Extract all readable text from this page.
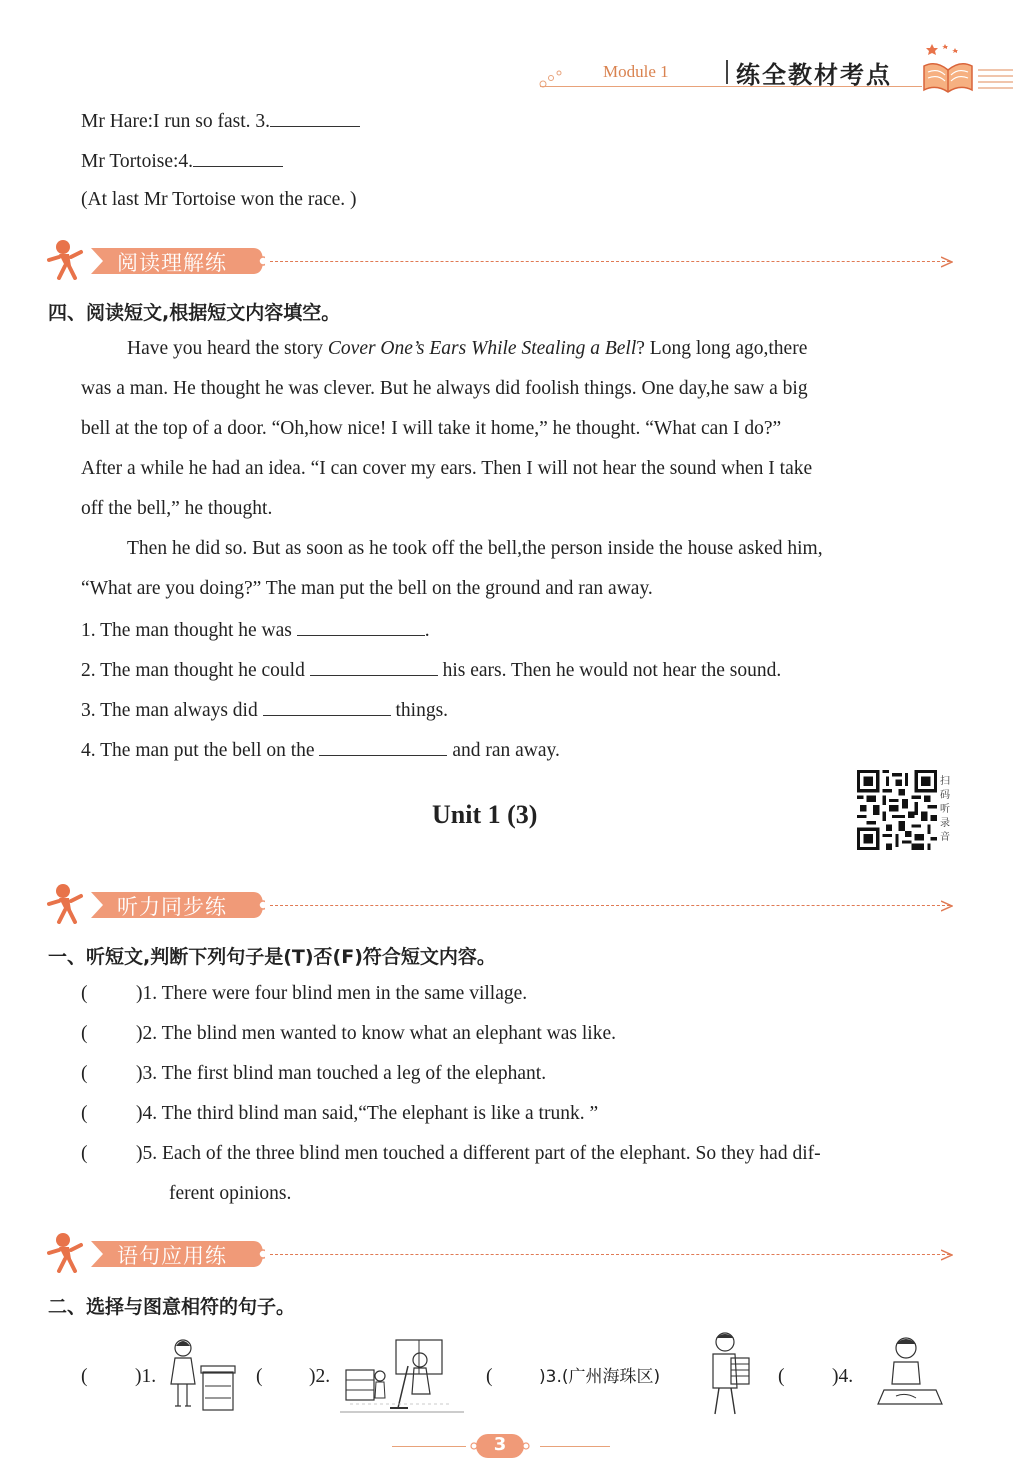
Module 1	练全教材考点
Mr Hare:I run so fast. 3.
Mr Tortoise:4.
(At last Mr Tortoise won the race. )
阅读理解练
四、阅读短文,根据短文内容填空。
Have you heard the story Cover One’s Ears While Stealing a Bell? Long long ago,there
was a man. He thought he was clever. But he always did foolish things. One day,he saw a big
bell at the top of a door. “Oh,how nice! I will take it home,” he thought. “What can I do?”
After a while he had an idea. “I can cover my ears. Then I will not hear the sound when I take
off the bell,” he thought.
Then he did so. But as soon as he took off the bell,the person inside the house asked him,
“What are you doing?” The man put the bell on the ground and ran away.
1. The man thought he was	.
2. The man thought he could	his ears. Then he would not hear the sound.
3. The man always did	things.
4. The man put the bell on the	and ran away.
Unit 1 (3)
扫
码
听
录
音
听力同步练
一、听短文,判断下列句子是(T)否(F)符合短文内容。
( )1. There were four blind men in the same village.
( )2. The blind men wanted to know what an elephant was like.
( )3. The first blind man touched a leg of the elephant.
( )4. The third blind man said,“The elephant is like a trunk. ”
( )5. Each of the three blind men touched a different part of the elephant. So they had dif-
ferent opinions.
语句应用练
二、选择与图意相符的句子。
( )1.	( )2.	(	)3.(广州海珠区)	( )4.
3
